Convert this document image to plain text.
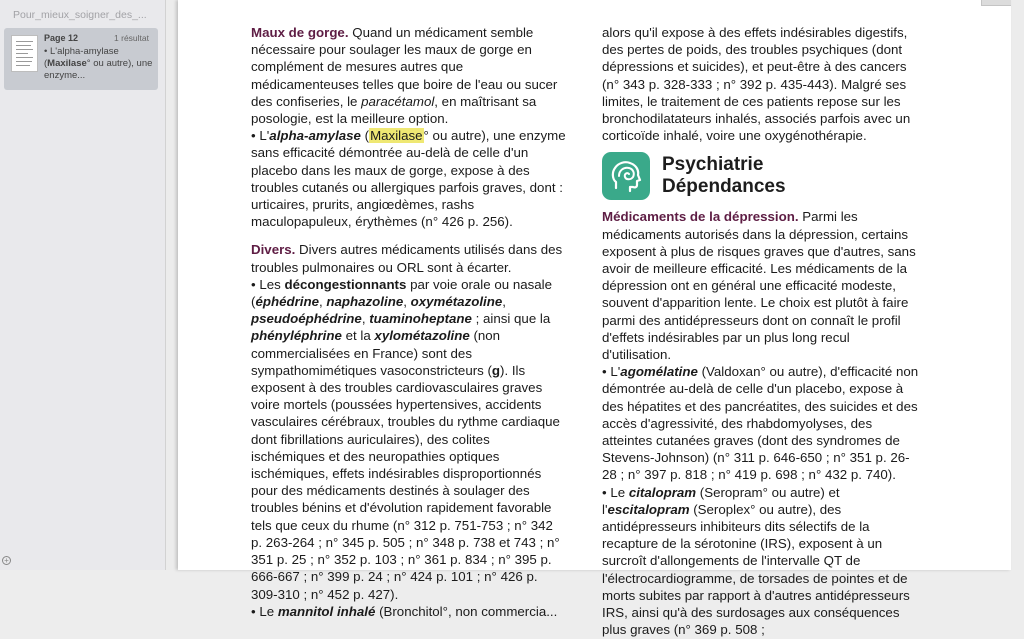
Pour_mieux_soigner_des_...
Page 12	1 résultat
• L'alpha-amylase
(Maxilase° ou autre), une enzyme...
+

Maux de gorge. Quand un médicament semble nécessaire pour soulager les maux de gorge en complément de mesures autres que médicamenteuses telles que boire de l'eau ou sucer des confiseries, le paracétamol, en maîtrisant sa posologie, est la meilleure option.

• L'alpha-amylase (Maxilase° ou autre), une enzyme sans efficacité démontrée au-delà de celle d'un placebo dans les maux de gorge, expose à des troubles cutanés ou allergiques parfois graves, dont : urticaires, prurits, angiœdèmes, rashs maculopapuleux, érythèmes (n° 426 p. 256).

Divers. Divers autres médicaments utilisés dans des troubles pulmonaires ou ORL sont à écarter.

• Les décongestionnants par voie orale ou nasale (éphédrine, naphazoline, oxymétazoline, pseudoéphédrine, tuaminoheptane ; ainsi que la phényléphrine et la xylométazoline (non commercialisées en France) sont des sympathomimétiques vasoconstricteurs (g). Ils exposent à des troubles cardiovasculaires graves voire mortels (poussées hypertensives, accidents vasculaires cérébraux, troubles du rythme cardiaque dont fibrillations auriculaires), des colites ischémiques et des neuropathies optiques ischémiques, effets indésirables disproportionnés pour des médicaments destinés à soulager des troubles bénins et d'évolution rapidement favorable tels que ceux du rhume (n° 312 p. 751-753 ; n° 342 p. 263-264 ; n° 345 p. 505 ; n° 348 p. 738 et 743 ; n° 351 p. 25 ; n° 352 p. 103 ; n° 361 p. 834 ; n° 395 p. 666-667 ; n° 399 p. 24 ; n° 424 p. 101 ; n° 426 p. 309-310 ; n° 452 p. 427).

• Le mannitol inhalé (Bronchitol°, non commercia...

alors qu'il expose à des effets indésirables digestifs, des pertes de poids, des troubles psychiques (dont dépressions et suicides), et peut-être à des cancers (n° 343 p. 328-333 ; n° 392 p. 435-443). Malgré ses limites, le traitement de ces patients repose sur les bronchodilatateurs inhalés, associés parfois avec un corticoïde inhalé, voire une oxygénothérapie.

Psychiatrie
Dépendances

Médicaments de la dépression. Parmi les médicaments autorisés dans la dépression, certains exposent à plus de risques graves que d'autres, sans avoir de meilleure efficacité. Les médicaments de la dépression ont en général une efficacité modeste, souvent d'apparition lente. Le choix est plutôt à faire parmi des antidépresseurs dont on connaît le profil d'effets indésirables par un plus long recul d'utilisation.

• L'agomélatine (Valdoxan° ou autre), d'efficacité non démontrée au-delà de celle d'un placebo, expose à des hépatites et des pancréatites, des suicides et des accès d'agressivité, des rhabdomyolyses, des atteintes cutanées graves (dont des syndromes de Stevens-Johnson) (n° 311 p. 646-650 ; n° 351 p. 26-28 ; n° 397 p. 818 ; n° 419 p. 698 ; n° 432 p. 740).

• Le citalopram (Seropram° ou autre) et l'escitalopram (Seroplex° ou autre), des antidépresseurs inhibiteurs dits sélectifs de la recapture de la sérotonine (IRS), exposent à un surcroît d'allongements de l'intervalle QT de l'électrocardiogramme, de torsades de pointes et de morts subites par rapport à d'autres antidépresseurs IRS, ainsi qu'à des surdosages aux conséquences plus graves (n° 369 p. 508 ;
